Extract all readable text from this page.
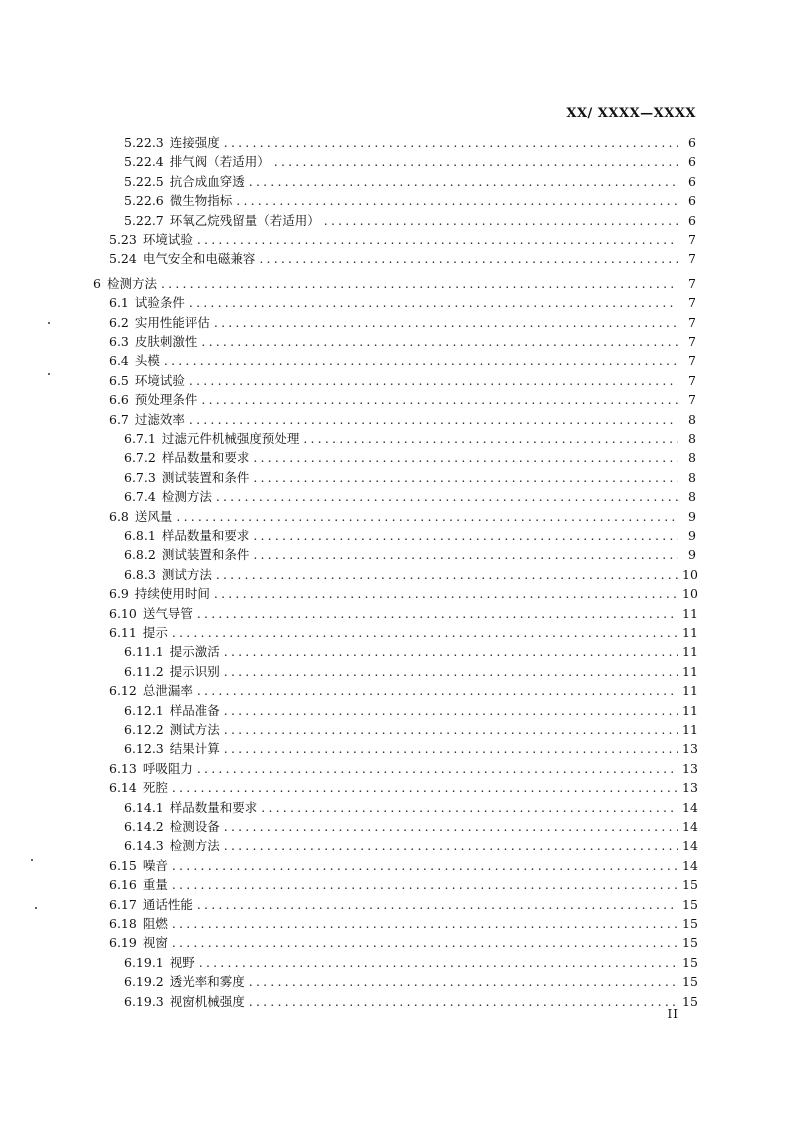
XX/ XXXX—XXXX
5.22.3 连接强度 .....	6
5.22.4 排气阀（若适用） .....	6
5.22.5 抗合成血穿透 .....	6
5.22.6 微生物指标 .....	6
5.22.7 环氧乙烷残留量（若适用） .....	6
5.23 环境试验 .....	7
5.24 电气安全和电磁兼容 .....	7
6 检测方法 .....	7
6.1 试验条件 .....	7
6.2 实用性能评估 .....	7
6.3 皮肤刺激性 .....	7
6.4 头模 .....	7
6.5 环境试验 .....	7
6.6 预处理条件 .....	7
6.7 过滤效率 .....	8
6.7.1 过滤元件机械强度预处理 .....	8
6.7.2 样品数量和要求 .....	8
6.7.3 测试装置和条件 .....	8
6.7.4 检测方法 .....	8
6.8 送风量 .....	9
6.8.1 样品数量和要求 .....	9
6.8.2 测试装置和条件 .....	9
6.8.3 测试方法 .....	10
6.9 持续使用时间 .....	10
6.10 送气导管 .....	11
6.11 提示 .....	11
6.11.1 提示激活 .....	11
6.11.2 提示识别 .....	11
6.12 总泄漏率 .....	11
6.12.1 样品准备 .....	11
6.12.2 测试方法 .....	11
6.12.3 结果计算 .....	13
6.13 呼吸阻力 .....	13
6.14 死腔 .....	13
6.14.1 样品数量和要求 .....	14
6.14.2 检测设备 .....	14
6.14.3 检测方法 .....	14
6.15 噪音 .....	14
6.16 重量 .....	15
6.17 通话性能 .....	15
6.18 阻燃 .....	15
6.19 视窗 .....	15
6.19.1 视野 .....	15
6.19.2 透光率和雾度 .....	15
6.19.3 视窗机械强度 .....	15
II
